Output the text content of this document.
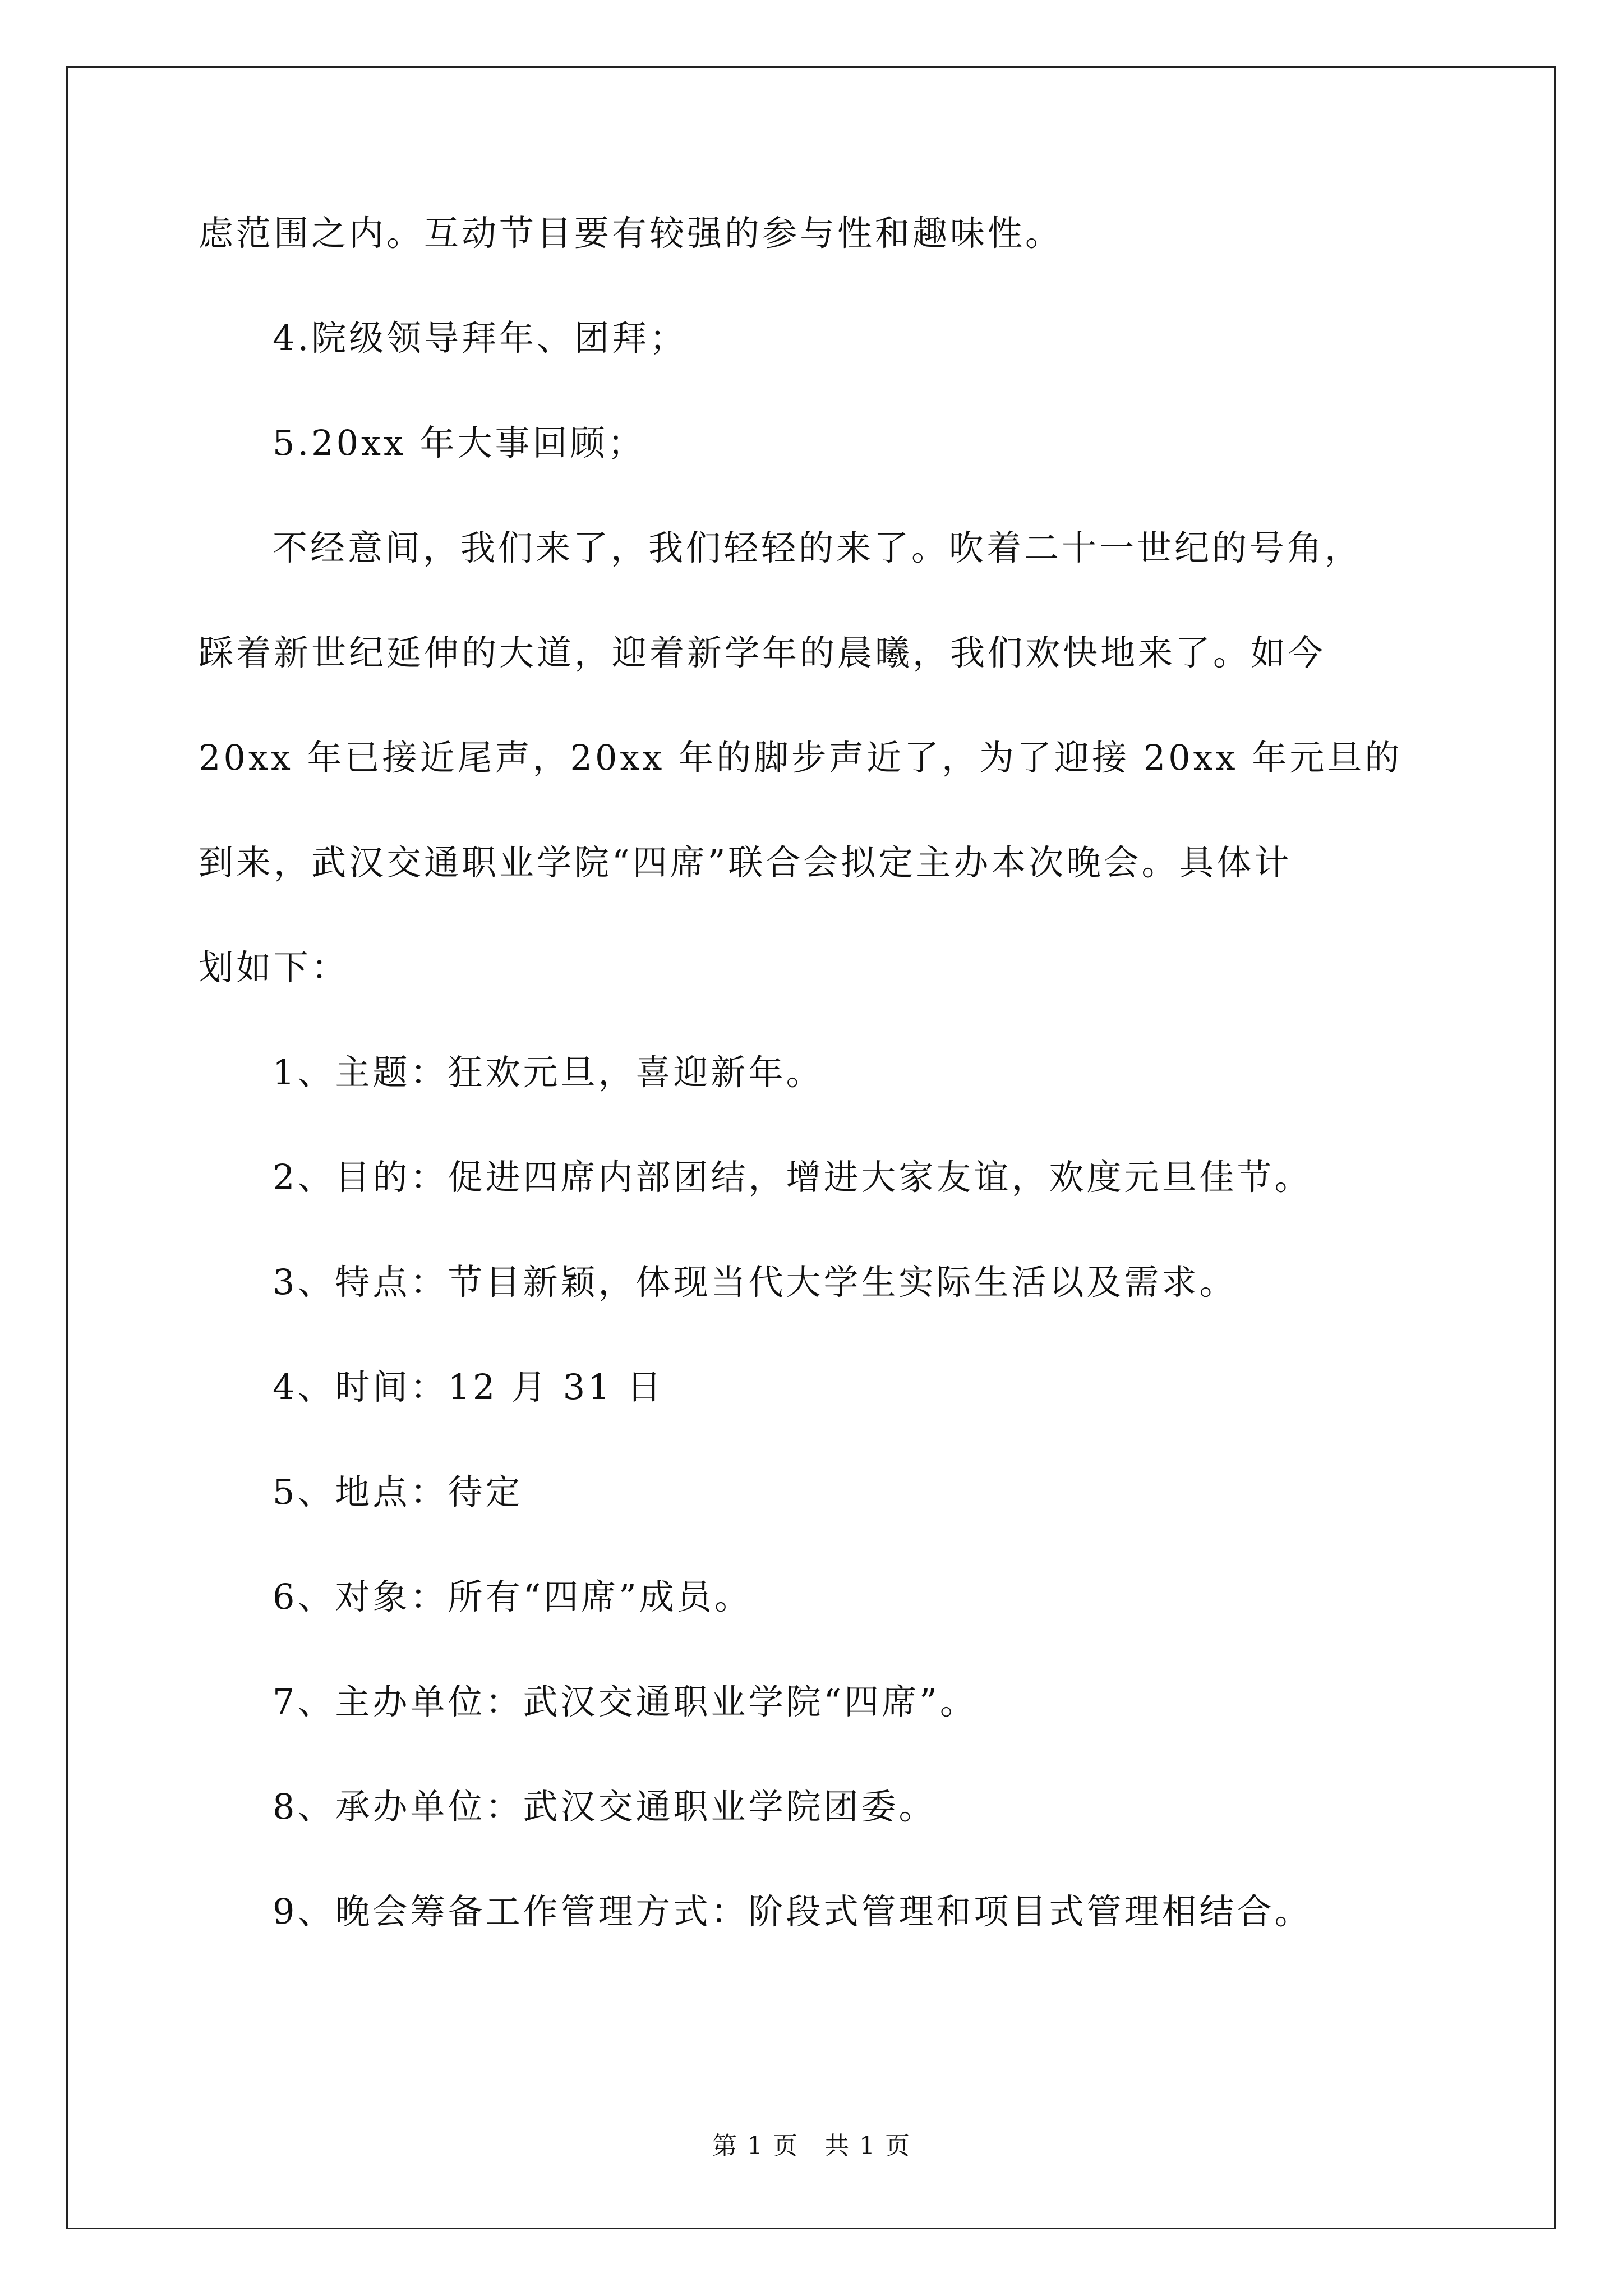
虑范围之内。互动节目要有较强的参与性和趣味性。

4.院级领导拜年、团拜；

5.20xx 年大事回顾；

不经意间，我们来了，我们轻轻的来了。吹着二十一世纪的号角，

踩着新世纪延伸的大道，迎着新学年的晨曦，我们欢快地来了。如今

20xx 年已接近尾声，20xx 年的脚步声近了，为了迎接 20xx 年元旦的

到来，武汉交通职业学院“四席”联合会拟定主办本次晚会。具体计

划如下：

1、主题：狂欢元旦，喜迎新年。

2、目的：促进四席内部团结，增进大家友谊，欢度元旦佳节。

3、特点：节目新颖，体现当代大学生实际生活以及需求。

4、时间：12 月 31 日

5、地点：待定

6、对象：所有“四席”成员。

7、主办单位：武汉交通职业学院“四席”。

8、承办单位：武汉交通职业学院团委。

9、晚会筹备工作管理方式：阶段式管理和项目式管理相结合。

第 1 页　共 1 页
